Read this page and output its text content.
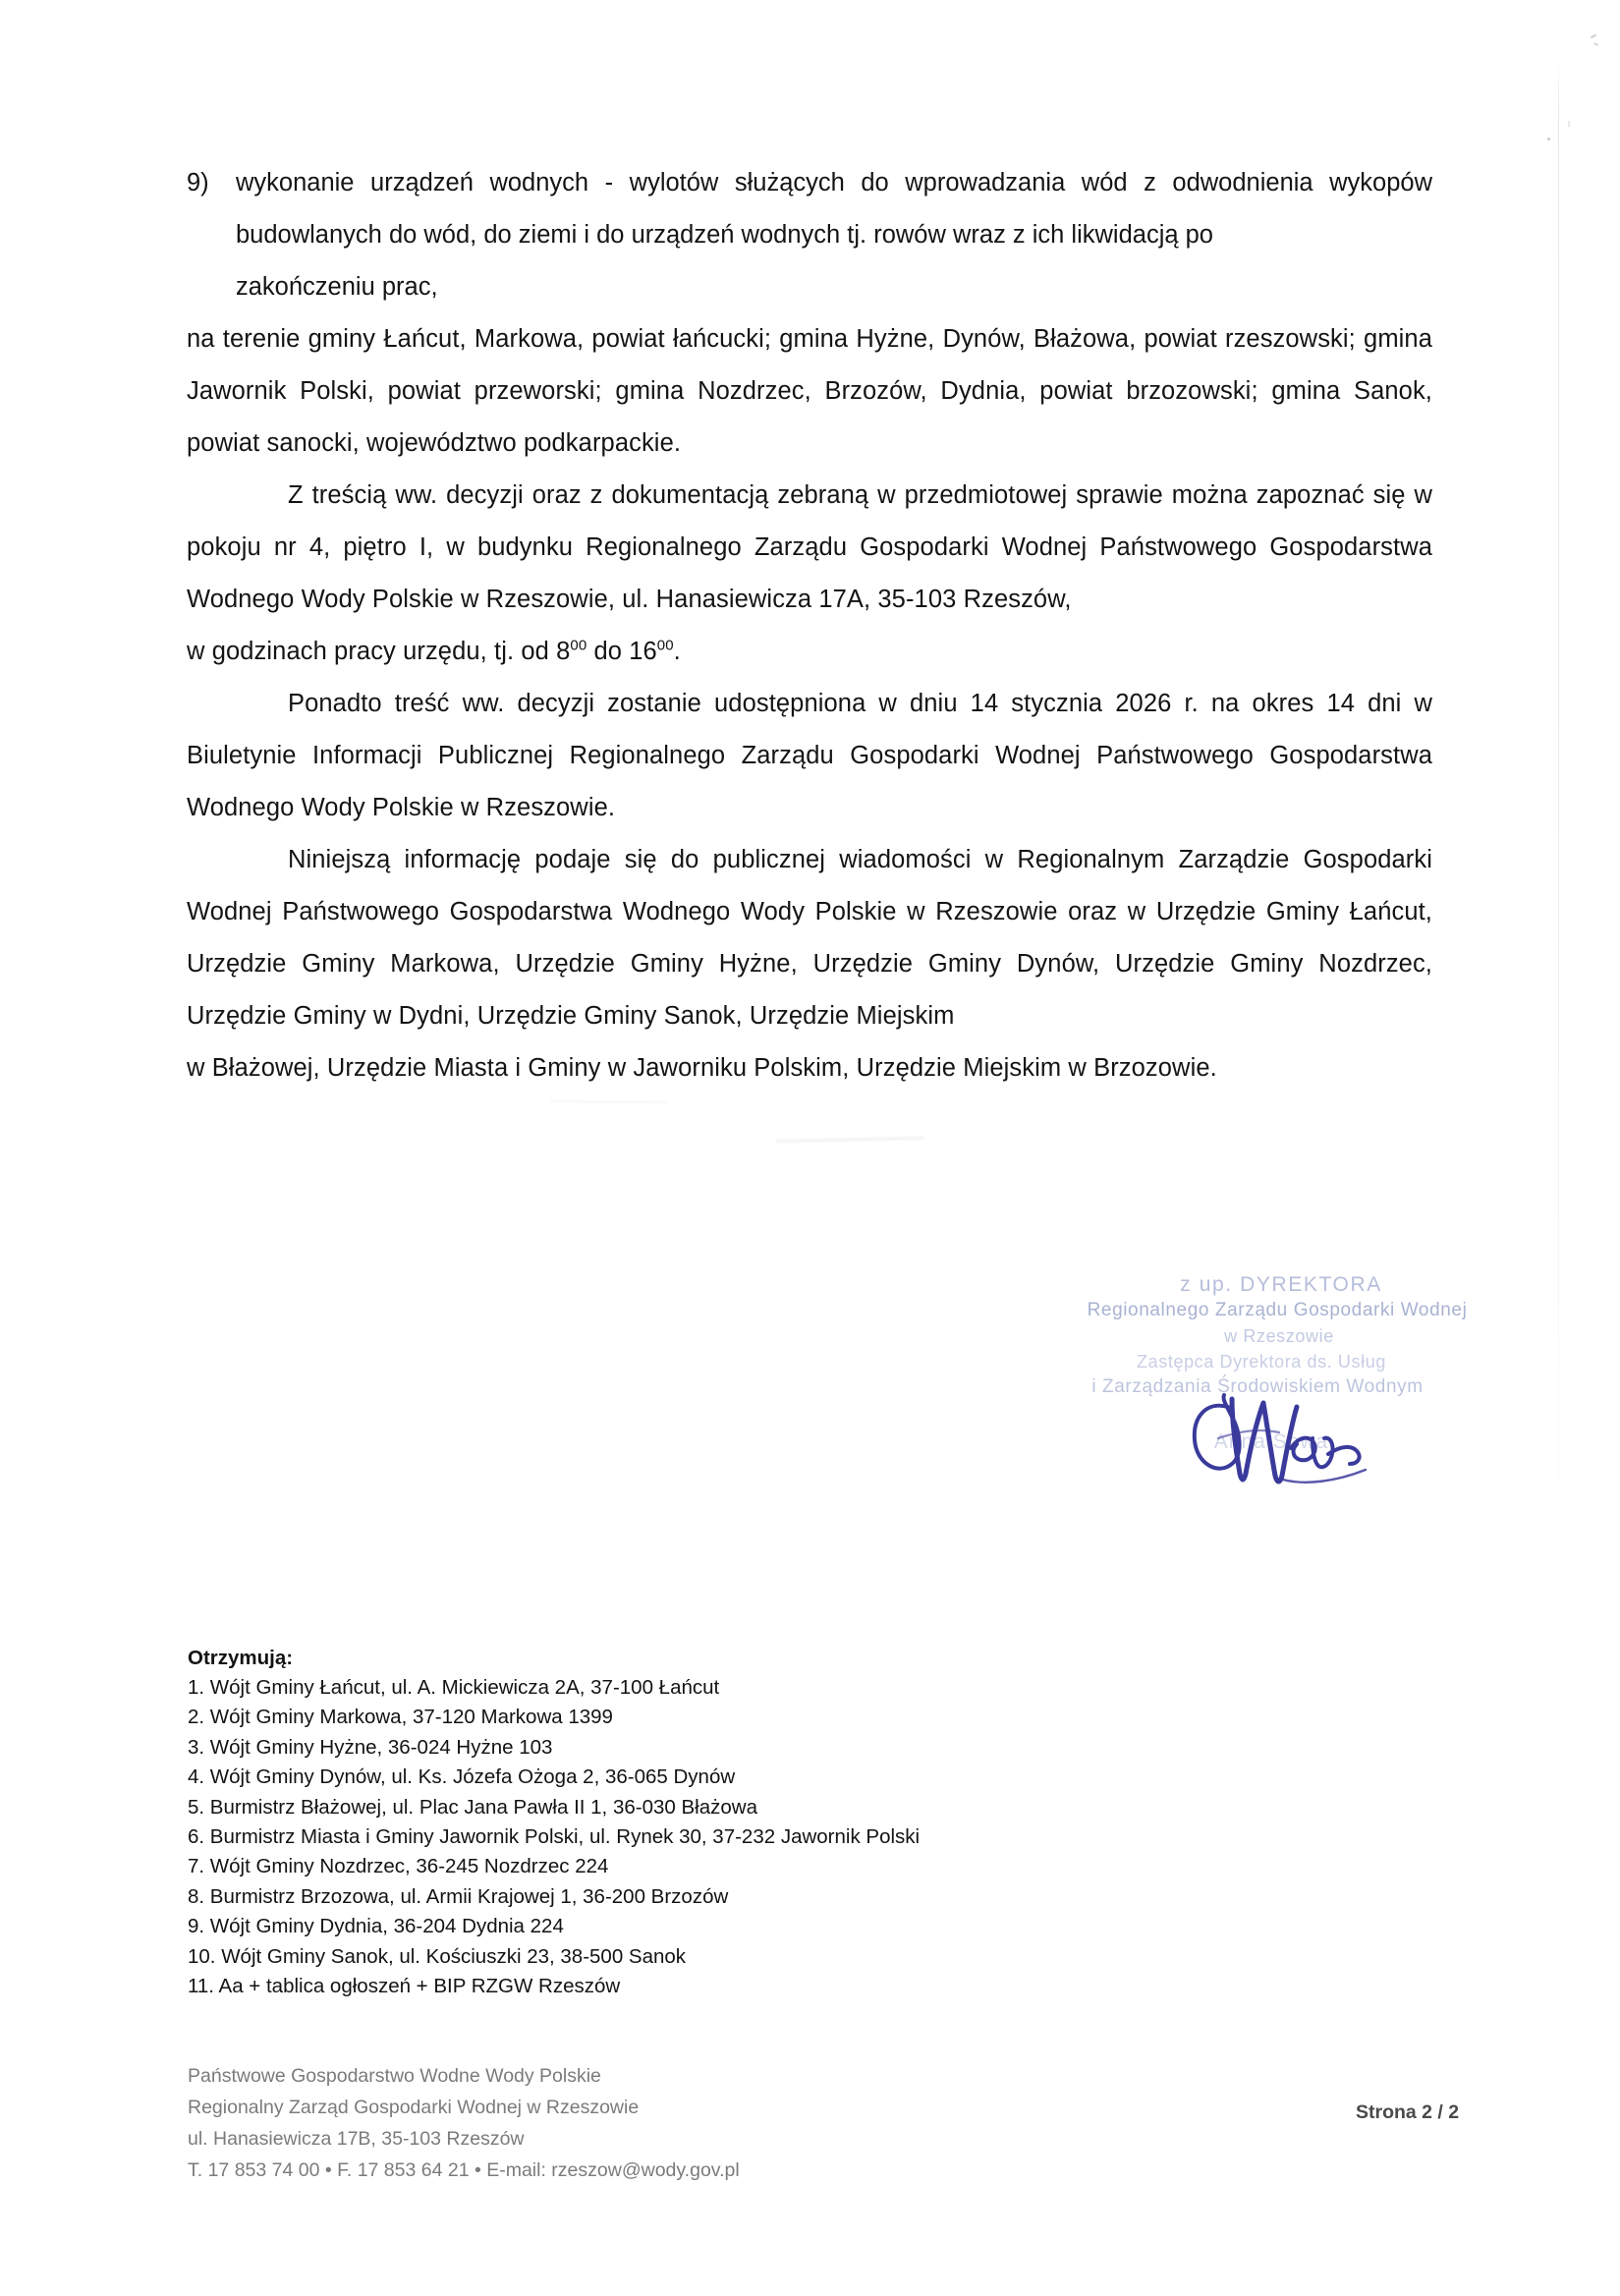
9) wykonanie urządzeń wodnych - wylotów służących do wprowadzania wód z odwodnienia wykopów budowlanych do wód, do ziemi i do urządzeń wodnych tj. rowów wraz z ich likwidacją po
zakończeniu prac,

na terenie gminy Łańcut, Markowa, powiat łańcucki; gmina Hyżne, Dynów, Błażowa, powiat rzeszowski; gmina Jawornik Polski, powiat przeworski; gmina Nozdrzec, Brzozów, Dydnia, powiat brzozowski; gmina Sanok, powiat sanocki, województwo podkarpackie.

Z treścią ww. decyzji oraz z dokumentacją zebraną w przedmiotowej sprawie można zapoznać się w pokoju nr 4, piętro I, w budynku Regionalnego Zarządu Gospodarki Wodnej Państwowego Gospodarstwa Wodnego Wody Polskie w Rzeszowie, ul. Hanasiewicza 17A, 35-103 Rzeszów,

w godzinach pracy urzędu, tj. od $8^{00}$ do $16^{00}$.

Ponadto treść ww. decyzji zostanie udostępniona w dniu 14 stycznia 2026 r. na okres 14 dni w Biuletynie Informacji Publicznej Regionalnego Zarządu Gospodarki Wodnej Państwowego Gospodarstwa Wodnego Wody Polskie w Rzeszowie.

Niniejszą informację podaje się do publicznej wiadomości w Regionalnym Zarządzie Gospodarki Wodnej Państwowego Gospodarstwa Wodnego Wody Polskie w Rzeszowie oraz w Urzędzie Gminy Łańcut, Urzędzie Gminy Markowa, Urzędzie Gminy Hyżne, Urzędzie Gminy Dynów, Urzędzie Gminy Nozdrzec, Urzędzie Gminy w Dydni, Urzędzie Gminy Sanok, Urzędzie Miejskim

w Błażowej, Urzędzie Miasta i Gminy w Jaworniku Polskim, Urzędzie Miejskim w Brzozowie.

z up. DYREKTORA
Regionalnego Zarządu Gospodarki Wodnej
w Rzeszowie
Zastępca Dyrektora ds. Usług
i Zarządzania Środowiskiem Wodnym
Anna Sowa
Otrzymują:
1. Wójt Gminy Łańcut, ul. A. Mickiewicza 2A, 37-100 Łańcut
2. Wójt Gminy Markowa, 37-120 Markowa 1399
3. Wójt Gminy Hyżne, 36-024 Hyżne 103
4. Wójt Gminy Dynów, ul. Ks. Józefa Ożoga 2, 36-065 Dynów
5. Burmistrz Błażowej, ul. Plac Jana Pawła II 1, 36-030 Błażowa
6. Burmistrz Miasta i Gminy Jawornik Polski, ul. Rynek 30, 37-232 Jawornik Polski
7. Wójt Gminy Nozdrzec, 36-245 Nozdrzec 224
8. Burmistrz Brzozowa, ul. Armii Krajowej 1, 36-200 Brzozów
9. Wójt Gminy Dydnia, 36-204 Dydnia 224
10. Wójt Gminy Sanok, ul. Kościuszki 23, 38-500 Sanok
11. Aa + tablica ogłoszeń + BIP RZGW Rzeszów
Państwowe Gospodarstwo Wodne Wody Polskie
Regionalny Zarząd Gospodarki Wodnej w Rzeszowie
ul. Hanasiewicza 17B, 35-103 Rzeszów
T. 17 853 74 00 • F. 17 853 64 21 • E-mail: rzeszow@wody.gov.pl
Strona 2 / 2
